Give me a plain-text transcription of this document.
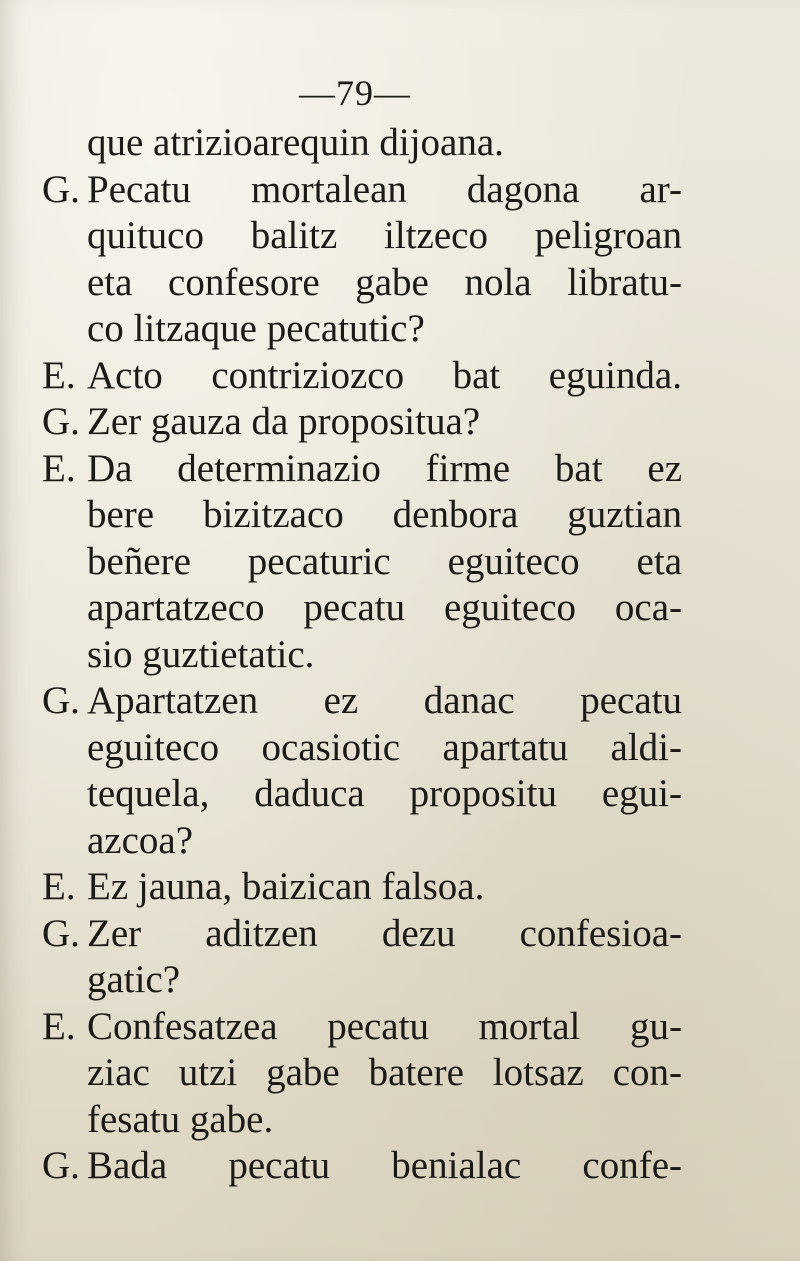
—79—
que atrizioarequin dijoana.
G. Pecatu mortalean dagona ar-
quituco balitz iltzeco peligroan
eta confesore gabe nola libratu-
co litzaque pecatutic?
E. Acto contriziozco bat eguinda.
G. Zer gauza da propositua?
E. Da determinazio firme bat ez
bere bizitzaco denbora guztian
beñere pecaturic eguiteco eta
apartatzeco pecatu eguiteco oca-
sio guztietatic.
G. Apartatzen ez danac pecatu
eguiteco ocasiotic apartatu aldi-
tequela, daduca propositu egui-
azcoa?
E. Ez jauna, baizican falsoa.
G. Zer aditzen dezu confesioa-
gatic?
E. Confesatzea pecatu mortal gu-
ziac utzi gabe batere lotsaz con-
fesatu gabe.
G. Bada pecatu benialac confe-
